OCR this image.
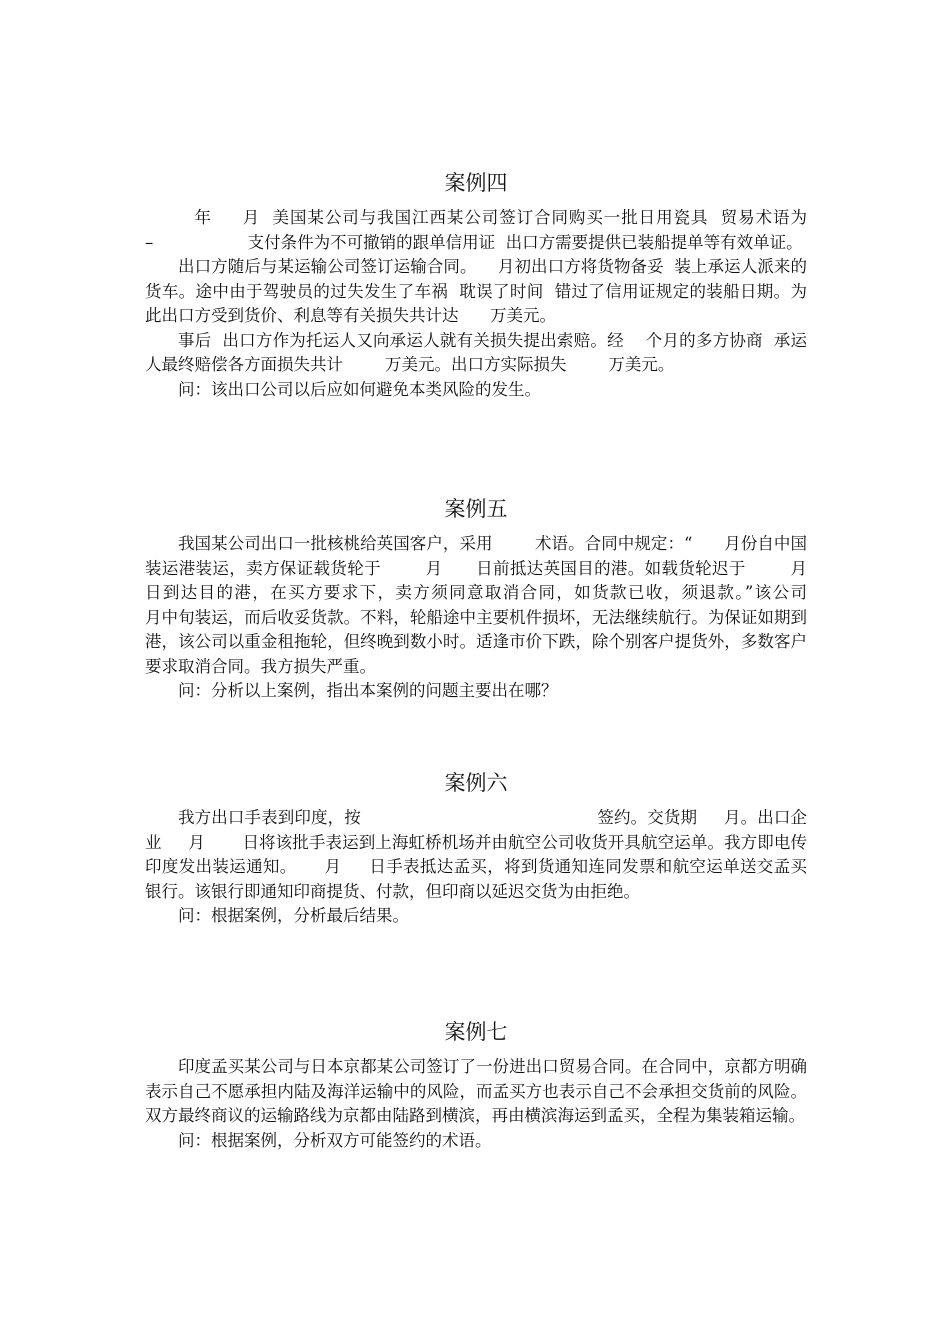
案例四

年     月  美国某公司与我国江西某公司签订合同购买一批日用瓷具  贸易术语为                  –                  支付条件为不可撤销的跟单信用证  出口方需要提供已装船提单等有效单证。

出口方随后与某运输公司签订运输合同。    月初出口方将货物备妥  装上承运人派来的货车。途中由于驾驶员的过失发生了车祸  耽误了时间  错过了信用证规定的装船日期。为此出口方受到货价、利息等有关损失共计达      万美元。

事后  出口方作为托运人又向承运人就有关损失提出索赔。经    个月的多方协商  承运人最终赔偿各方面损失共计        万美元。出口方实际损失        万美元。

问：该出口公司以后应如何避免本类风险的发生。

案例五

我国某公司出口一批核桃给英国客户，采用        术语。合同中规定：“      月份自中国装运港装运，卖方保证载货轮于        月      日前抵达英国目的港。如载货轮迟于        月      日到达目的港，在买方要求下，卖方须同意取消合同，如货款已收，须退款。”该公司        月中旬装运，而后收妥货款。不料，轮船途中主要机件损坏，无法继续航行。为保证如期到港，该公司以重金租拖轮，但终晚到数小时。适逢市价下跌，除个别客户提货外，多数客户要求取消合同。我方损失严重。

问：分析以上案例，指出本案例的问题主要出在哪？

案例六

我方出口手表到印度，按                                            签约。交货期     月。出口企业     月       日将该批手表运到上海虹桥机场并由航空公司收货开具航空运单。我方即电传印度发出装运通知。     月     日手表抵达孟买，将到货通知连同发票和航空运单送交孟买        银行。该银行即通知印商提货、付款，但印商以延迟交货为由拒绝。

问：根据案例，分析最后结果。

案例七

印度孟买某公司与日本京都某公司签订了一份进出口贸易合同。在合同中，京都方明确表示自己不愿承担内陆及海洋运输中的风险，而孟买方也表示自己不会承担交货前的风险。双方最终商议的运输路线为京都由陆路到横滨，再由横滨海运到孟买，全程为集装箱运输。

问：根据案例，分析双方可能签约的术语。
